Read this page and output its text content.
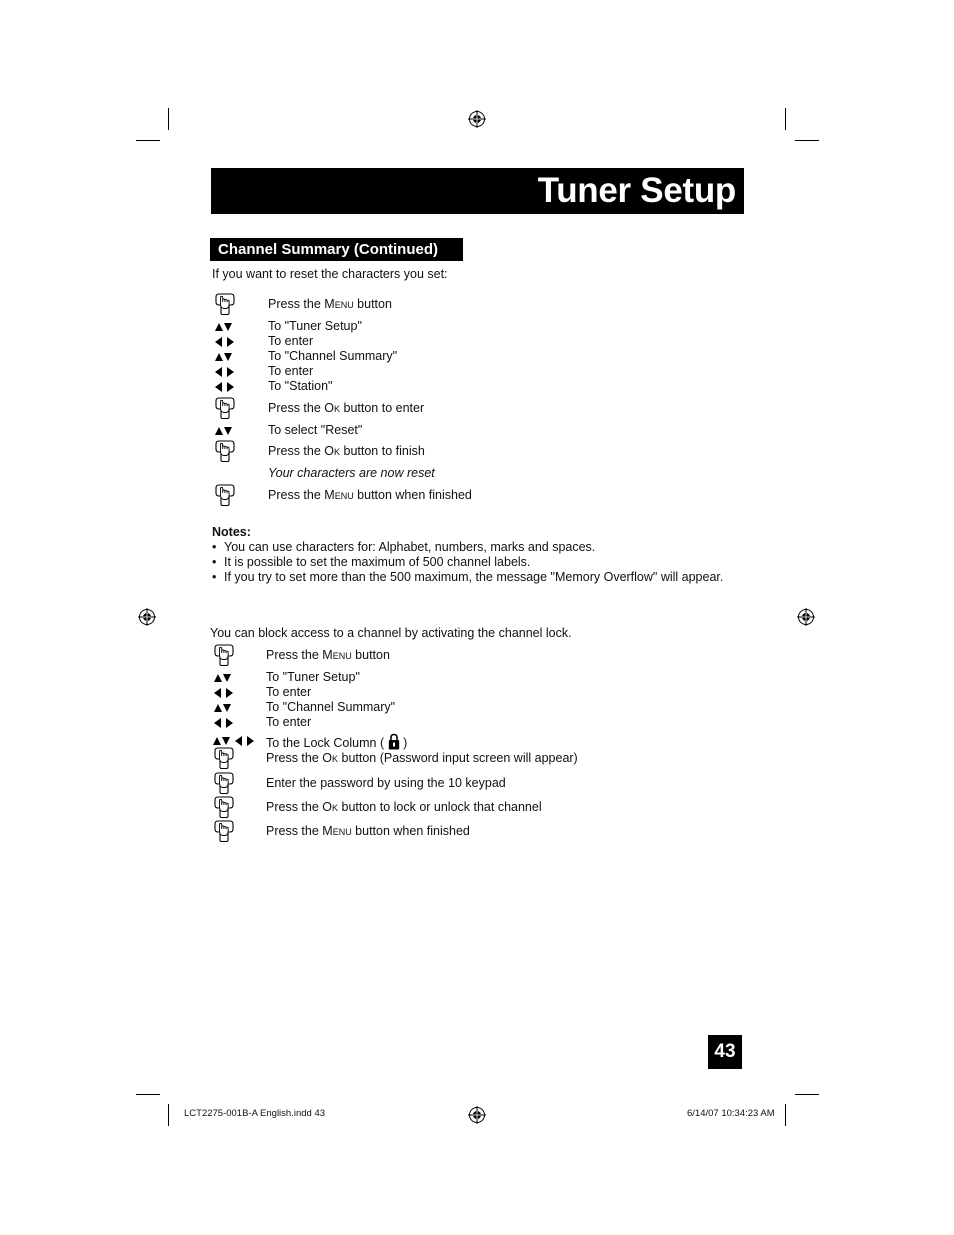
Tuner Setup
Channel Summary (Continued)
If you want to reset the characters you set:
Press the Menu button
To "Tuner Setup"
To enter
To "Channel Summary"
To enter
To "Station"
Press the Ok button to enter
To select "Reset"
Press the Ok button to finish
Your characters are now reset
Press the Menu button when finished
Notes:
• You can use characters for: Alphabet, numbers, marks and spaces.
• It is possible to set the maximum of 500 channel labels.
• If you try to set more than the 500 maximum, the message "Memory Overflow" will appear.
You can block access to a channel by activating the channel lock.
Press the Menu button
To "Tuner Setup"
To enter
To "Channel Summary"
To enter
To the Lock Column (  )
Press the Ok button (Password input screen will appear)
Enter the password by using the 10 keypad
Press the Ok button to lock or unlock that channel
Press the Menu button when finished
43
LCT2275-001B-A English.indd 43	6/14/07 10:34:23 AM
